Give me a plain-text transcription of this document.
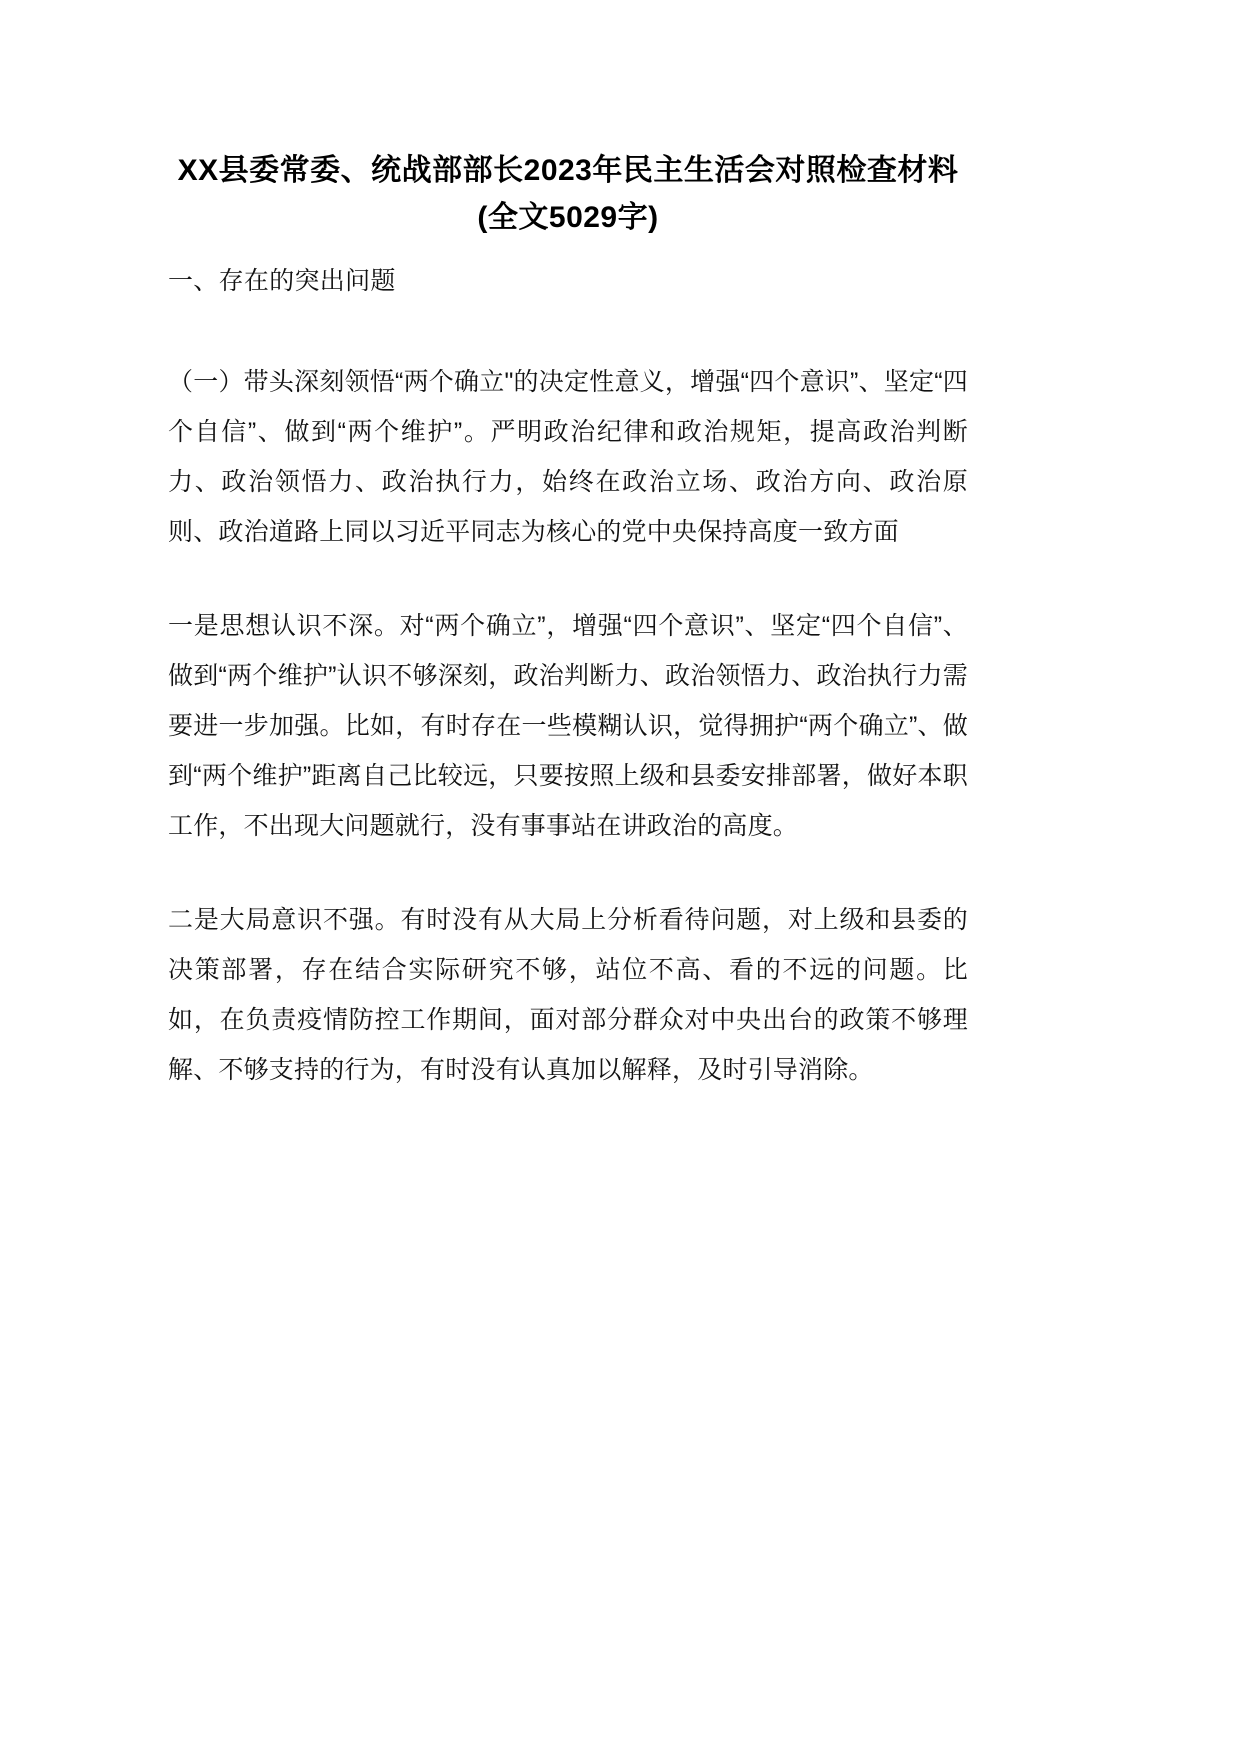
XX县委常委、统战部部长2023年民主生活会对照检查材料
(全文5029字)

一、存在的突出问题

（一）带头深刻领悟“两个确立"的决定性意义，增强“四个意识”、坚定“四个自信”、做到“两个维护”。严明政治纪律和政治规矩，提高政治判断力、政治领悟力、政治执行力，始终在政治立场、政治方向、政治原则、政治道路上同以习近平同志为核心的党中央保持高度一致方面

一是思想认识不深。对“两个确立”，增强“四个意识”、坚定“四个自信”、做到“两个维护”认识不够深刻，政治判断力、政治领悟力、政治执行力需要进一步加强。比如，有时存在一些模糊认识，觉得拥护“两个确立”、做到“两个维护”距离自己比较远，只要按照上级和县委安排部署，做好本职工作，不出现大问题就行，没有事事站在讲政治的高度。

二是大局意识不强。有时没有从大局上分析看待问题，对上级和县委的决策部署，存在结合实际研究不够，站位不高、看的不远的问题。比如，在负责疫情防控工作期间，面对部分群众对中央出台的政策不够理解、不够支持的行为，有时没有认真加以解释，及时引导消除。
